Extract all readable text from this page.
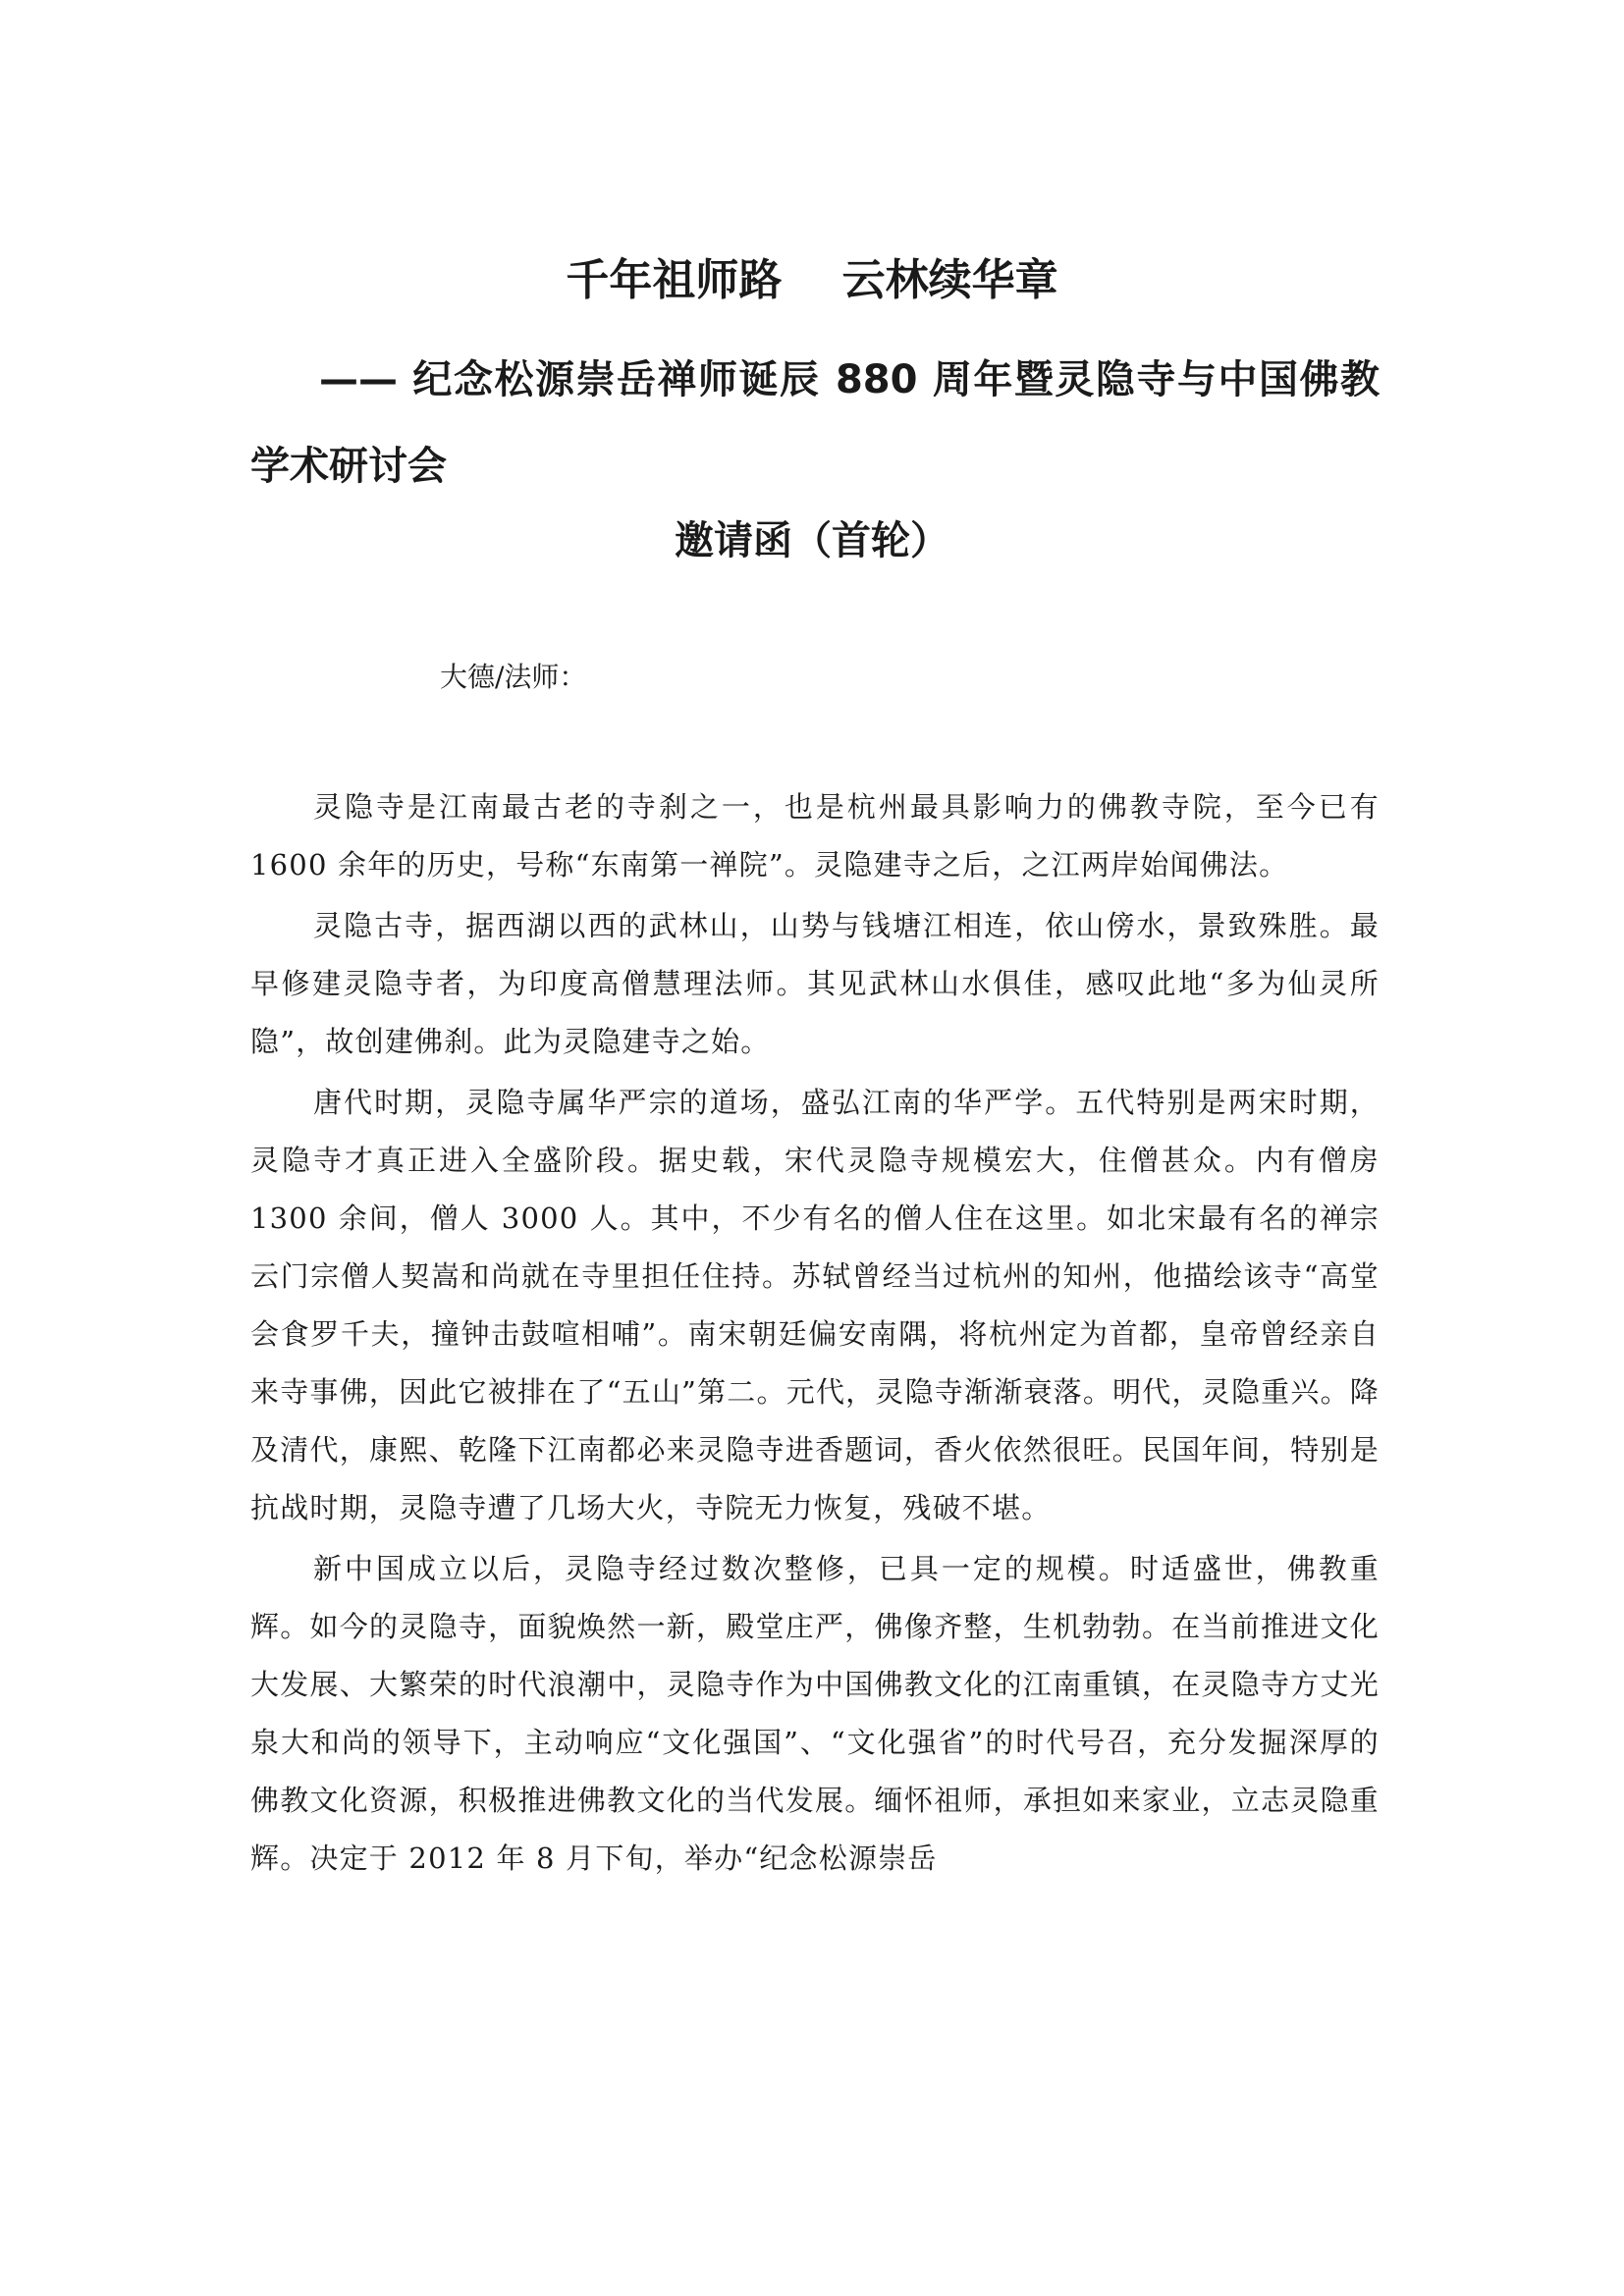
千年祖师路    云林续华章
—— 纪念松源崇岳禅师诞辰 880 周年暨灵隐寺与中国佛教学术研讨会
邀请函（首轮）

大德/法师：

灵隐寺是江南最古老的寺刹之一，也是杭州最具影响力的佛教寺院，至今已有 1600 余年的历史，号称“东南第一禅院”。灵隐建寺之后，之江两岸始闻佛法。

灵隐古寺，据西湖以西的武林山，山势与钱塘江相连，依山傍水，景致殊胜。最早修建灵隐寺者，为印度高僧慧理法师。其见武林山水俱佳，感叹此地“多为仙灵所隐”，故创建佛刹。此为灵隐建寺之始。

唐代时期，灵隐寺属华严宗的道场，盛弘江南的华严学。五代特别是两宋时期，灵隐寺才真正进入全盛阶段。据史载，宋代灵隐寺规模宏大，住僧甚众。内有僧房 1300 余间，僧人 3000 人。其中，不少有名的僧人住在这里。如北宋最有名的禅宗云门宗僧人契嵩和尚就在寺里担任住持。苏轼曾经当过杭州的知州，他描绘该寺“高堂会食罗千夫，撞钟击鼓喧相哺”。南宋朝廷偏安南隅，将杭州定为首都，皇帝曾经亲自来寺事佛，因此它被排在了“五山”第二。元代，灵隐寺渐渐衰落。明代，灵隐重兴。降及清代，康熙、乾隆下江南都必来灵隐寺进香题词，香火依然很旺。民国年间，特别是抗战时期，灵隐寺遭了几场大火，寺院无力恢复，残破不堪。

新中国成立以后，灵隐寺经过数次整修，已具一定的规模。时适盛世，佛教重辉。如今的灵隐寺，面貌焕然一新，殿堂庄严，佛像齐整，生机勃勃。在当前推进文化大发展、大繁荣的时代浪潮中，灵隐寺作为中国佛教文化的江南重镇，在灵隐寺方丈光泉大和尚的领导下，主动响应“文化强国”、“文化强省”的时代号召，充分发掘深厚的佛教文化资源，积极推进佛教文化的当代发展。缅怀祖师，承担如来家业，立志灵隐重辉。决定于 2012 年 8 月下旬，举办“纪念松源崇岳
